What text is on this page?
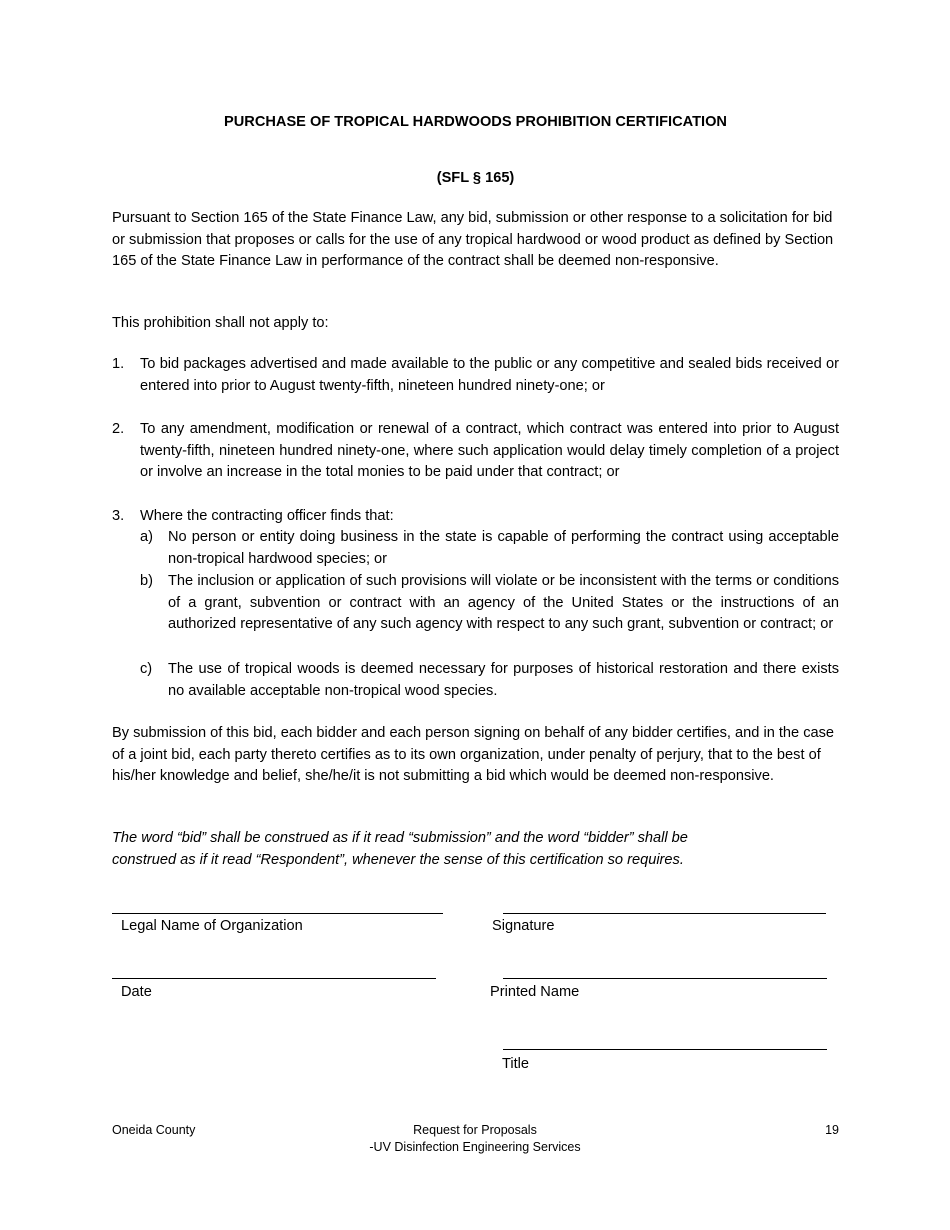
PURCHASE OF TROPICAL HARDWOODS PROHIBITION CERTIFICATION
(SFL § 165)

Pursuant to Section 165 of the State Finance Law, any bid, submission or other response to a solicitation for bid or submission that proposes or calls for the use of any tropical hardwood or wood product as defined by Section 165 of the State Finance Law in performance of the contract shall be deemed non-responsive.

This prohibition shall not apply to:

1.	To bid packages advertised and made available to the public or any competitive and sealed bids received or entered into prior to August twenty-fifth, nineteen hundred ninety-one; or
2.	To any amendment, modification or renewal of a contract, which contract was entered into prior to August twenty-fifth, nineteen hundred ninety-one, where such application would delay timely completion of a project or involve an increase in the total monies to be paid under that contract; or
3.	Where the contracting officer finds that:
a)	No person or entity doing business in the state is capable of performing the contract using acceptable non-tropical hardwood species; or
b)	The inclusion or application of such provisions will violate or be inconsistent with the terms or conditions of a grant, subvention or contract with an agency of the United States or the instructions of an authorized representative of any such agency with respect to any such grant, subvention or contract; or
c)	The use of tropical woods is deemed necessary for purposes of historical restoration and there exists no available acceptable non-tropical wood species.

By submission of this bid, each bidder and each person signing on behalf of any bidder certifies, and in the case of a joint bid, each party thereto certifies as to its own organization, under penalty of perjury, that to the best of his/her knowledge and belief, she/he/it is not submitting a bid which would be deemed non-responsive.

The word “bid” shall be construed as if it read “submission” and the word “bidder” shall be
construed as if it read “Respondent”, whenever the sense of this certification so requires.
Legal Name of Organization	Signature
Date	Printed Name
Title
Oneida County	Request for Proposals
-UV Disinfection Engineering Services
19
